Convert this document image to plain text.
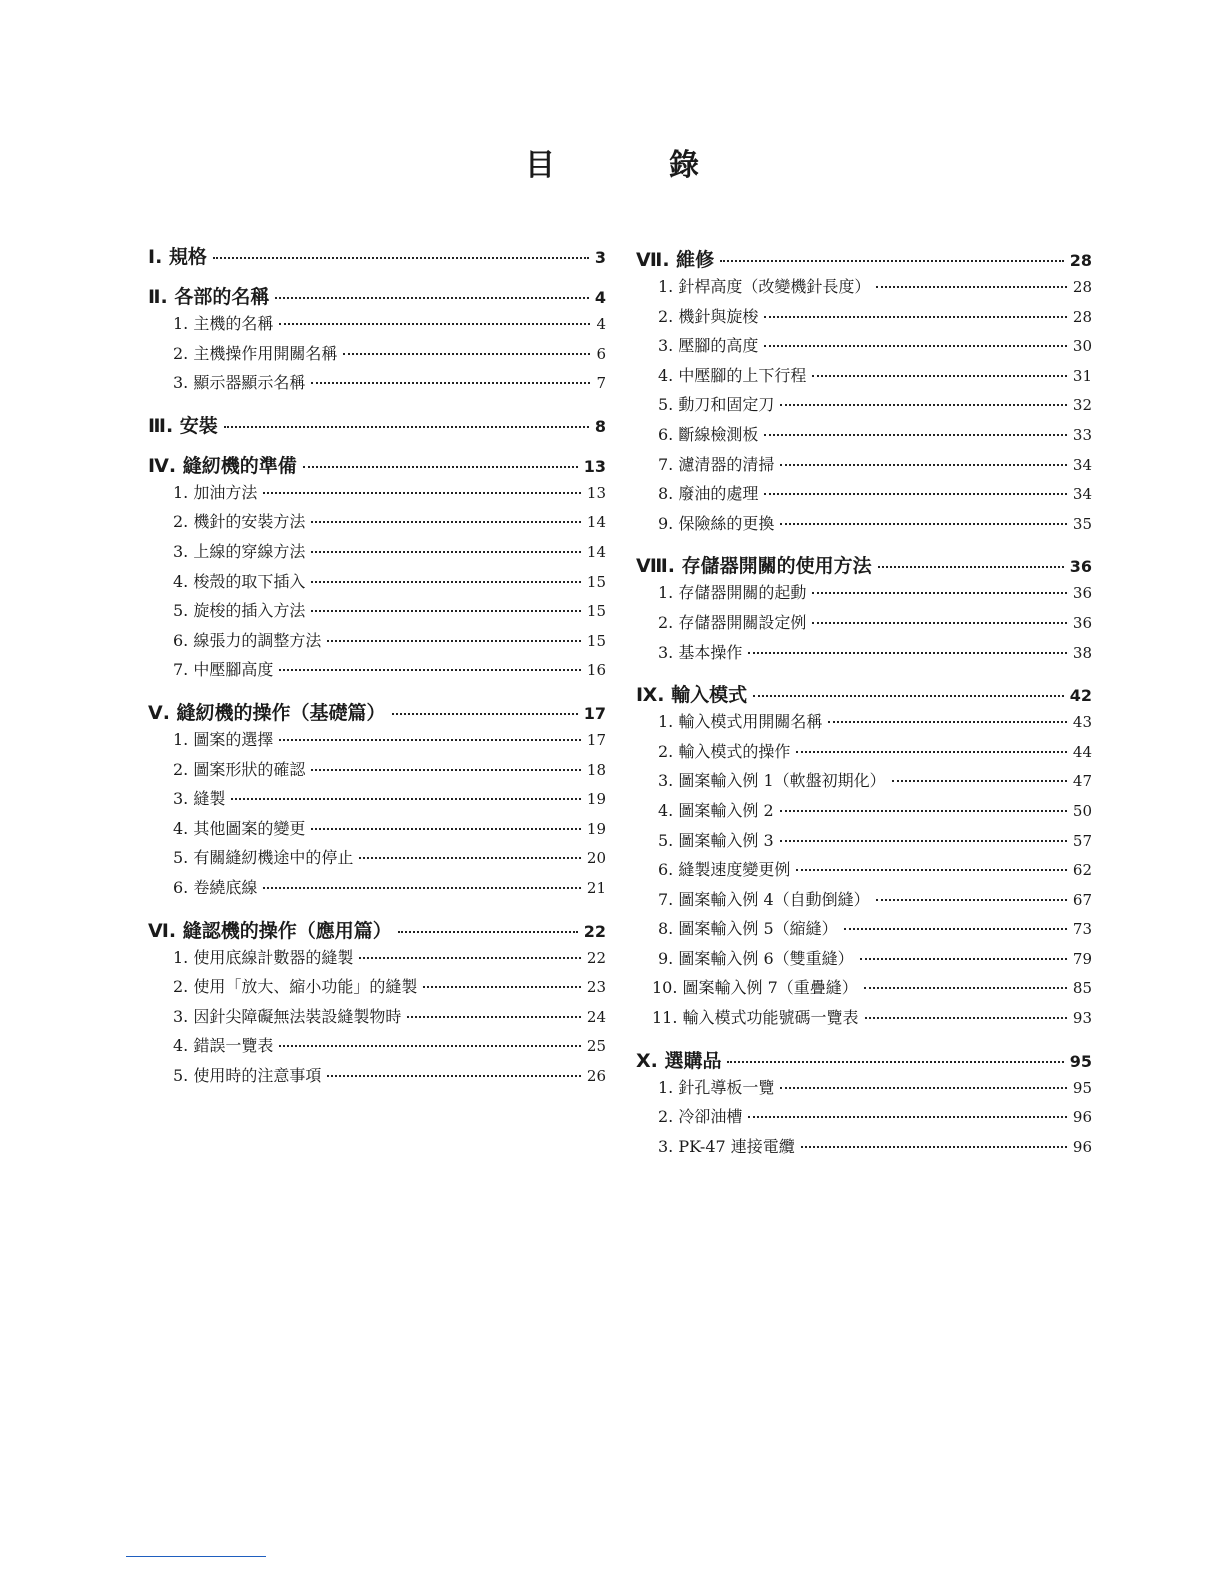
目　錄
Ⅰ. 規格	3
Ⅱ. 各部的名稱	4
1. 主機的名稱	4
2. 主機操作用開關名稱	6
3. 顯示器顯示名稱	7
Ⅲ. 安裝	8
Ⅳ. 縫紉機的準備	13
1. 加油方法	13
2. 機針的安裝方法	14
3. 上線的穿線方法	14
4. 梭殼的取下插入	15
5. 旋梭的插入方法	15
6. 線張力的調整方法	15
7. 中壓腳高度	16
Ⅴ. 縫紉機的操作（基礎篇）	17
1. 圖案的選擇	17
2. 圖案形狀的確認	18
3. 縫製	19
4. 其他圖案的變更	19
5. 有關縫紉機途中的停止	20
6. 卷繞底線	21
Ⅵ. 縫認機的操作（應用篇）	22
1. 使用底線計數器的縫製	22
2. 使用「放大、縮小功能」的縫製	23
3. 因針尖障礙無法裝設縫製物時	24
4. 錯誤一覽表	25
5. 使用時的注意事項	26
Ⅶ. 維修	28
1. 針桿高度（改變機針長度）	28
2. 機針與旋梭	28
3. 壓腳的高度	30
4. 中壓腳的上下行程	31
5. 動刀和固定刀	32
6. 斷線檢測板	33
7. 濾清器的清掃	34
8. 廢油的處理	34
9. 保險絲的更換	35
Ⅷ. 存儲器開關的使用方法	36
1. 存儲器開關的起動	36
2. 存儲器開關設定例	36
3. 基本操作	38
Ⅸ. 輸入模式	42
1. 輸入模式用開關名稱	43
2. 輸入模式的操作	44
3. 圖案輸入例 1（軟盤初期化）	47
4. 圖案輸入例 2	50
5. 圖案輸入例 3	57
6. 縫製速度變更例	62
7. 圖案輸入例 4（自動倒縫）	67
8. 圖案輸入例 5（縮縫）	73
9. 圖案輸入例 6（雙重縫）	79
10. 圖案輸入例 7（重疊縫）	85
11. 輸入模式功能號碼一覽表	93
Ⅹ. 選購品	95
1. 針孔導板一覽	95
2. 冷卻油槽	96
3. PK-47 連接電纜	96
